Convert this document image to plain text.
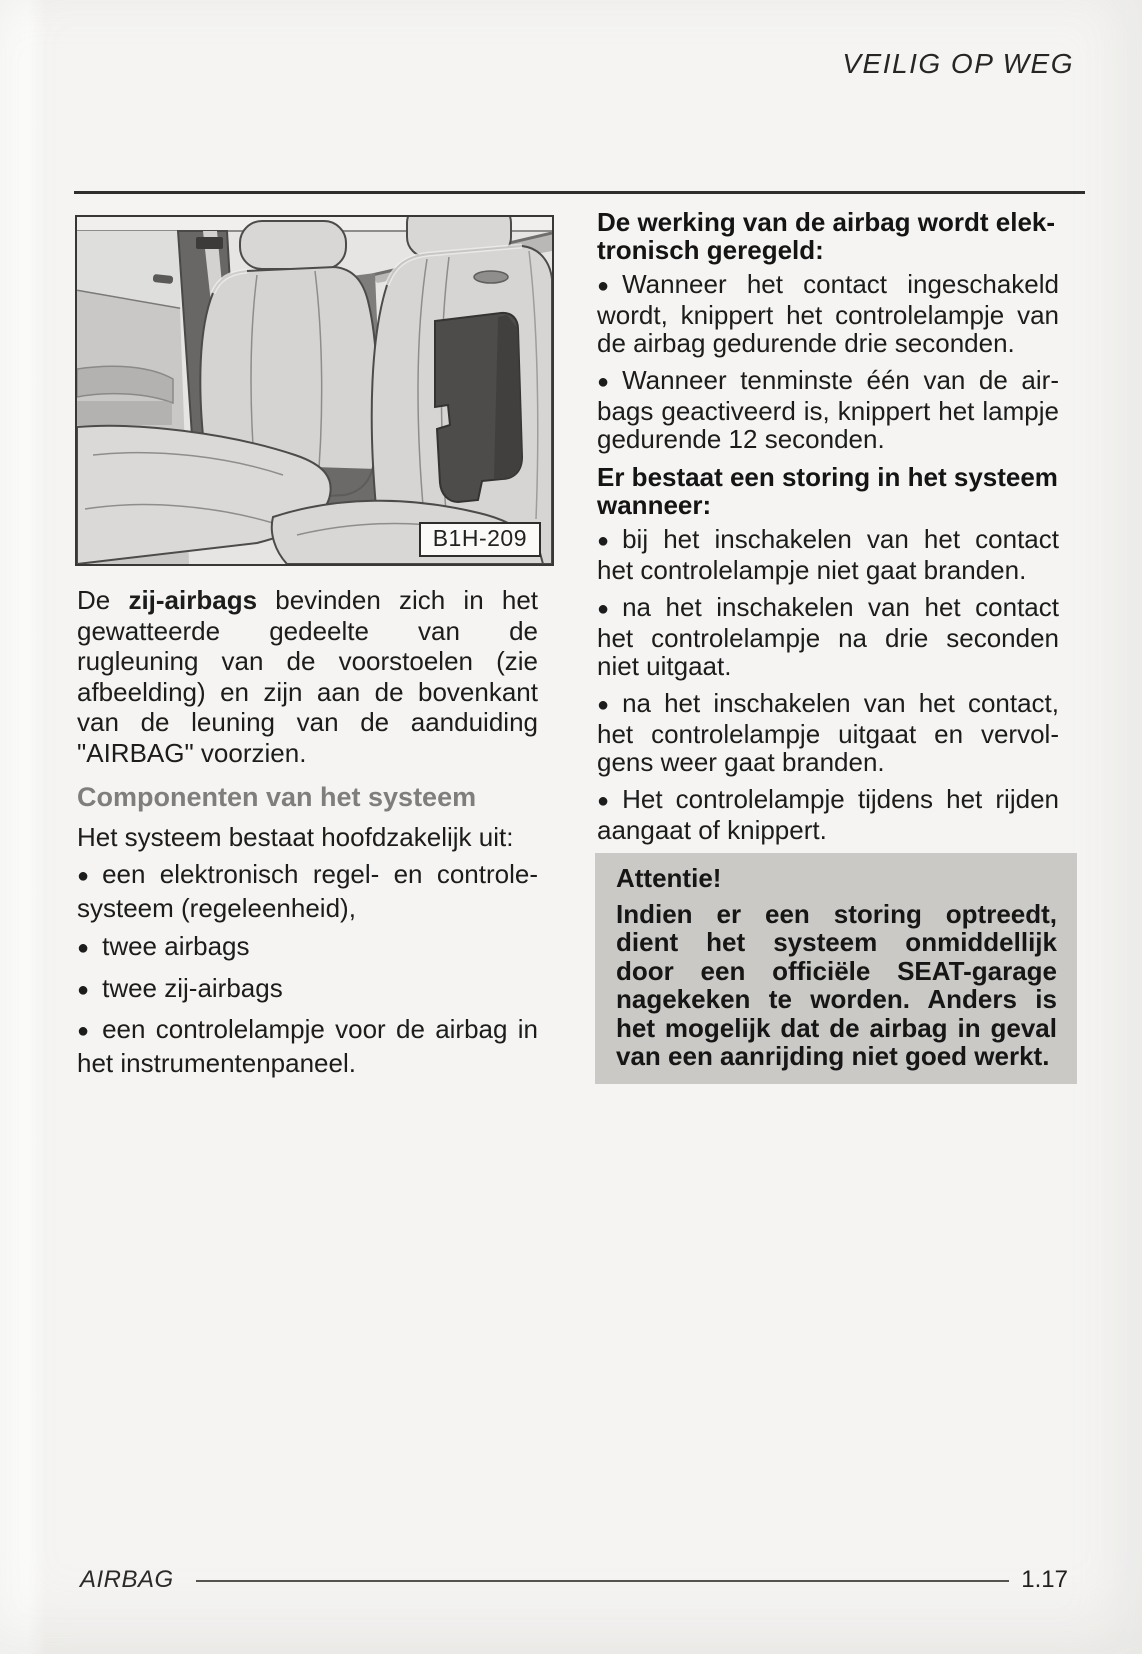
VEILIG OP WEG
B1H-209

De zij-airbags bevinden zich in het gewatteerde gedeelte van de rugleuning van de voorstoelen (zie afbeelding) en zijn aan de bovenkant van de leuning van de aanduiding "AIRBAG" voorzien.

Componenten van het systeem

Het systeem bestaat hoofdzakelijk uit:

● een elektronisch regel- en controlesysteem (regeleenheid),

● twee airbags

● twee zij-airbags

● een controlelampje voor de airbag in het instrumentenpaneel.

De werking van de airbag wordt elektronisch geregeld:

● Wanneer het contact ingeschakeld wordt, knippert het controlelampje van de airbag gedurende drie seconden.

● Wanneer tenminste één van de airbags geactiveerd is, knippert het lampje gedurende 12 seconden.

Er bestaat een storing in het systeem wanneer:

● bij het inschakelen van het contact het controlelampje niet gaat branden.

● na het inschakelen van het contact het controlelampje na drie seconden niet uitgaat.

● na het inschakelen van het contact, het controlelampje uitgaat en vervolgens weer gaat branden.

● Het controlelampje tijdens het rijden aangaat of knippert.

Attentie!

Indien er een storing optreedt, dient het systeem onmiddellijk door een officiële SEAT-garage nagekeken te worden. Anders is het mogelijk dat de airbag in geval van een aanrijding niet goed werkt.

AIRBAG	1.17
